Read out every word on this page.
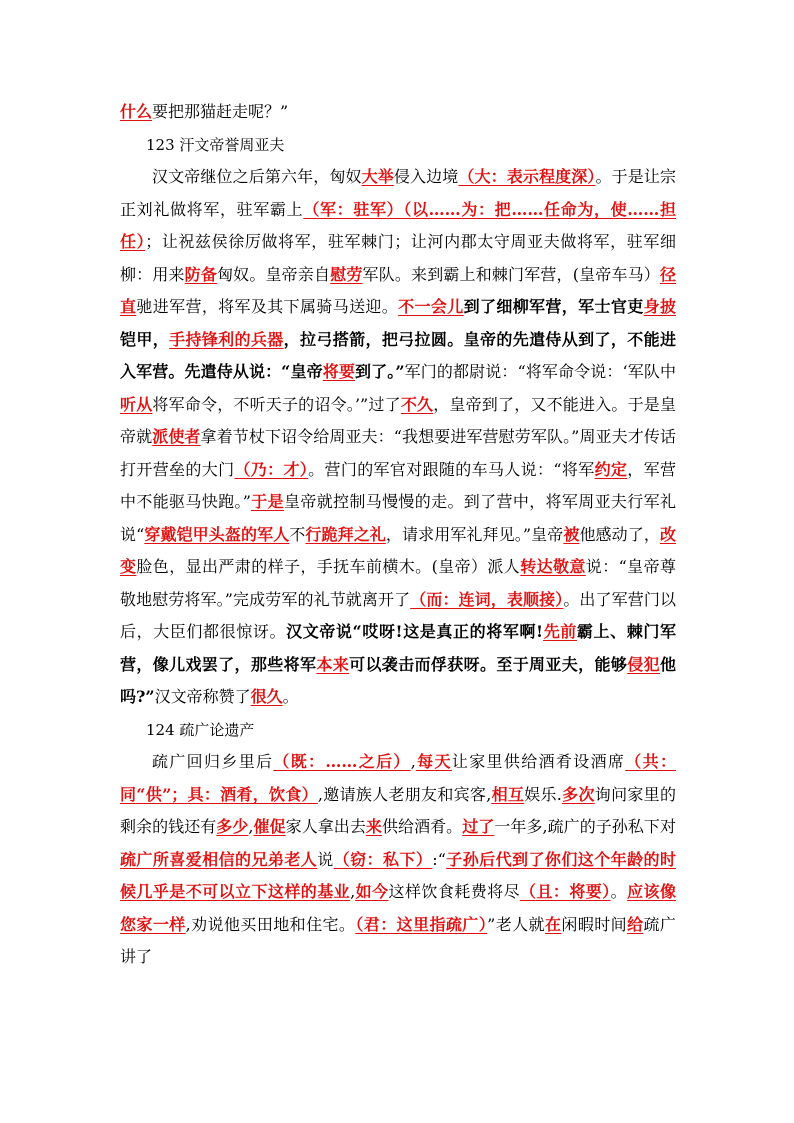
什么要把那猫赶走呢？”

123 汗文帝誉周亚夫

汉文帝继位之后第六年，匈奴大举侵入边境（大：表示程度深）。于是让宗正刘礼做将军，驻军霸上（军：驻军）（以……为：把……任命为，使……担任）；让祝兹侯徐厉做将军，驻军棘门；让河内郡太守周亚夫做将军，驻军细柳：用来防备匈奴。皇帝亲自慰劳军队。来到霸上和棘门军营，(皇帝车马）径直驰进军营，将军及其下属骑马送迎。不一会儿到了细柳军营，军士官吏身披铠甲，手持锋利的兵器，拉弓搭箭，把弓拉圆。皇帝的先遣侍从到了，不能进入军营。先遣侍从说：“皇帝将要到了。”军门的都尉说：“将军命令说：‘军队中听从将军命令，不听天子的诏令。’”过了不久，皇帝到了，又不能进入。于是皇帝就派使者拿着节杖下诏令给周亚夫：“我想要进军营慰劳军队。”周亚夫才传话打开营垒的大门（乃：才）。营门的军官对跟随的车马人说：“将军约定，军营中不能驱马快跑。”于是皇帝就控制马慢慢的走。到了营中，将军周亚夫行军礼说“穿戴铠甲头盔的军人不行跪拜之礼，请求用军礼拜见。”皇帝被他感动了，改变脸色，显出严肃的样子，手抚车前横木。(皇帝）派人转达敬意说：“皇帝尊敬地慰劳将军。”完成劳军的礼节就离开了（而：连词，表顺接）。出了军营门以后，大臣们都很惊讶。汉文帝说“哎呀!这是真正的将军啊!先前霸上、棘门军营，像儿戏罢了，那些将军本来可以袭击而俘获呀。至于周亚夫，能够侵犯他吗?”汉文帝称赞了很久。

124 疏广论遗产

疏广回归乡里后（既：……之后）,每天让家里供给酒肴设酒席（共：同“供”；具：酒肴，饮食）,邀请族人老朋友和宾客,相互娱乐.多次询问家里的剩余的钱还有多少,催促家人拿出去来供给酒肴。过了一年多,疏广的子孙私下对疏广所喜爱相信的兄弟老人说（窃：私下）:“子孙后代到了你们这个年龄的时候几乎是不可以立下这样的基业,如今这样饮食耗费将尽（且：将要）。应该像您家一样,劝说他买田地和住宅。（君：这里指疏广）”老人就在闲暇时间给疏广讲了
